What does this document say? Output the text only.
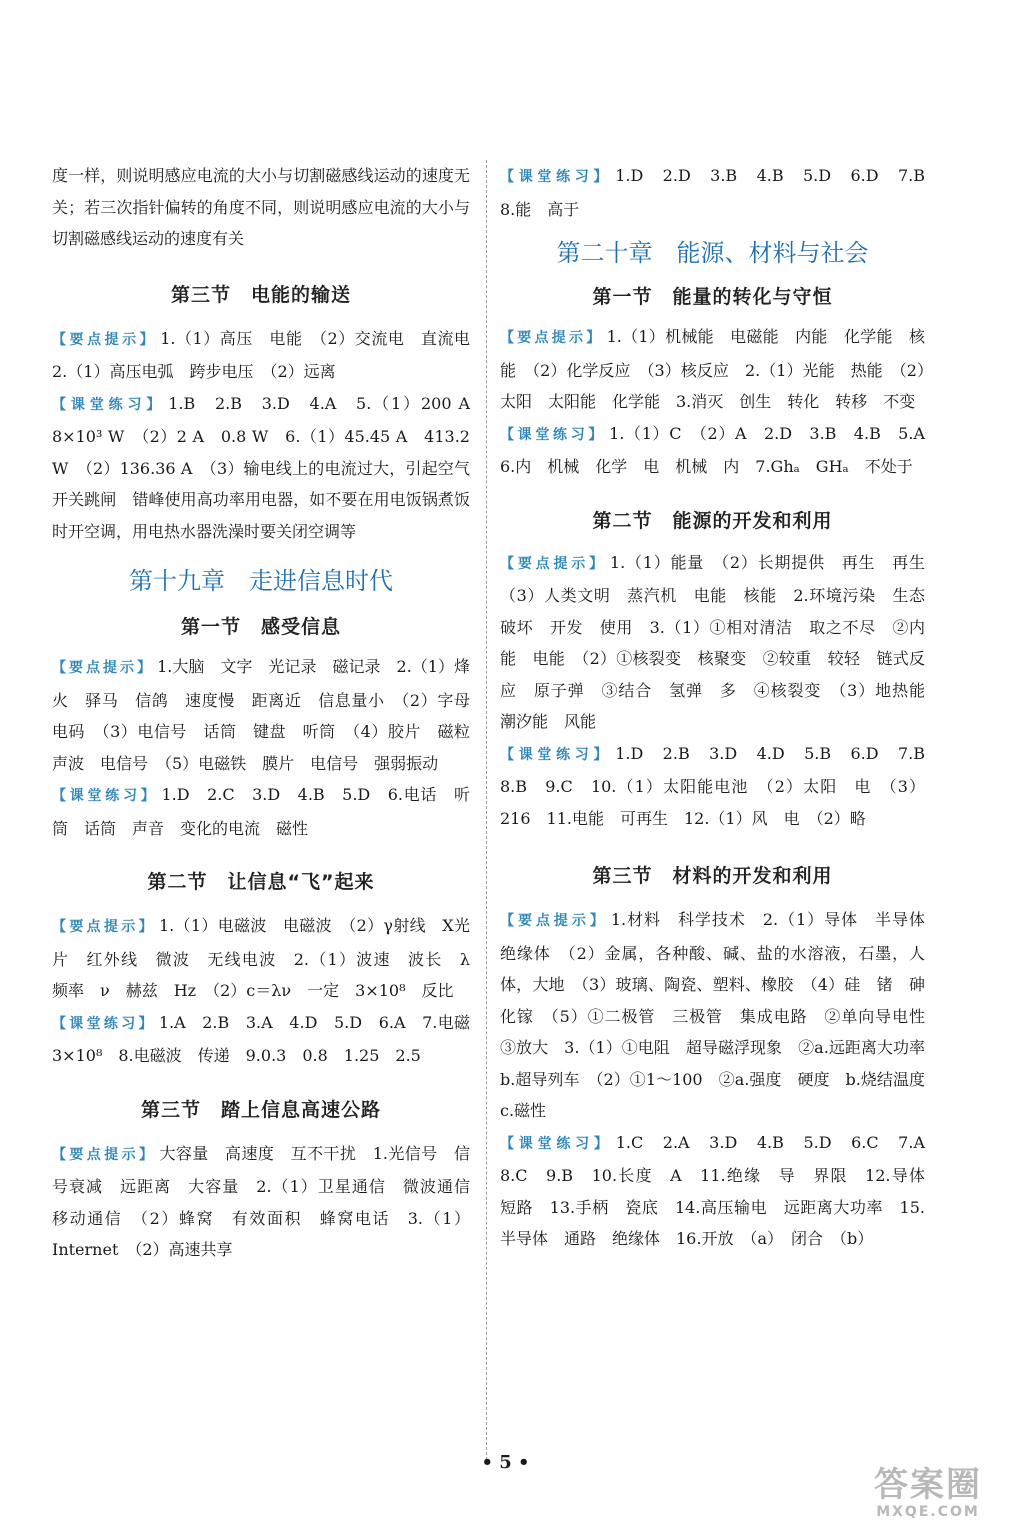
度一样，则说明感应电流的大小与切割磁感线运动的速度无关；若三次指针偏转的角度不同，则说明感应电流的大小与切割磁感线运动的速度有关

第三节　电能的输送

【要点提示】 1.（1）高压　电能　（2）交流电　直流电　2.（1）高压电弧　跨步电压　（2）远离

【课堂练习】 1.B　2.B　3.D　4.A　5.（1）200 A　8×10³ W　（2）2 A　0.8 W　6.（1）45.45 A　413.2 W　（2）136.36 A　（3）输电线上的电流过大，引起空气开关跳闸　错峰使用高功率用电器，如不要在用电饭锅煮饭时开空调，用电热水器洗澡时要关闭空调等

第十九章　走进信息时代

第一节　感受信息

【要点提示】 1.大脑　文字　光记录　磁记录　2.（1）烽火　驿马　信鸽　速度慢　距离近　信息量小　（2）字母　电码　（3）电信号　话筒　键盘　听筒　（4）胶片　磁粒　声波　电信号　（5）电磁铁　膜片　电信号　强弱振动

【课堂练习】 1.D　2.C　3.D　4.B　5.D　6.电话　听筒　话筒　声音　变化的电流　磁性

第二节　让信息“飞”起来

【要点提示】 1.（1）电磁波　电磁波　（2）γ射线　X光片　红外线　微波　无线电波　2.（1）波速　波长　λ　频率　ν　赫兹　Hz　（2）c＝λν　一定　3×10⁸　反比

【课堂练习】 1.A　2.B　3.A　4.D　5.D　6.A　7.电磁　3×10⁸　8.电磁波　传递　9.0.3　0.8　1.25　2.5

第三节　踏上信息高速公路

【要点提示】 大容量　高速度　互不干扰　1.光信号　信号衰减　远距离　大容量　2.（1）卫星通信　微波通信　移动通信　（2）蜂窝　有效面积　蜂窝电话　3.（1）Internet　（2）高速共享

【课堂练习】 1.D　2.D　3.B　4.B　5.D　6.D　7.B　8.能　高于

第二十章　能源、材料与社会

第一节　能量的转化与守恒

【要点提示】 1.（1）机械能　电磁能　内能　化学能　核能　（2）化学反应　（3）核反应　2.（1）光能　热能　（2）太阳　太阳能　化学能　3.消灭　创生　转化　转移　不变

【课堂练习】 1.（1）C　（2）A　2.D　3.B　4.B　5.A　6.内　机械　化学　电　机械　内　7.Ghₐ　GHₐ　不处于

第二节　能源的开发和利用

【要点提示】 1.（1）能量　（2）长期提供　再生　再生　（3）人类文明　蒸汽机　电能　核能　2.环境污染　生态破坏　开发　使用　3.（1）①相对清洁　取之不尽　②内能　电能　（2）①核裂变　核聚变　②较重　较轻　链式反应　原子弹　③结合　氢弹　多　④核裂变　（3）地热能　潮汐能　风能

【课堂练习】 1.D　2.B　3.D　4.D　5.B　6.D　7.B　8.B　9.C　10.（1）太阳能电池　（2）太阳　电　（3）216　11.电能　可再生　12.（1）风　电　（2）略

第三节　材料的开发和利用

【要点提示】 1.材料　科学技术　2.（1）导体　半导体　绝缘体　（2）金属，各种酸、碱、盐的水溶液，石墨，人体，大地　（3）玻璃、陶瓷、塑料、橡胶　（4）硅　锗　砷化镓　（5）①二极管　三极管　集成电路　②单向导电性　③放大　3.（1）①电阻　超导磁浮现象　②a.远距离大功率　b.超导列车　（2）①1～100　②a.强度　硬度　b.烧结温度　c.磁性

【课堂练习】 1.C　2.A　3.D　4.B　5.D　6.C　7.A　8.C　9.B　10.长度　A　11.绝缘　导　界限　12.导体　短路　13.手柄　瓷底　14.高压输电　远距离大功率　15.半导体　通路　绝缘体　16.开放　（a）　闭合　（b）

• 5 •
答案圈
MXQE.COM
